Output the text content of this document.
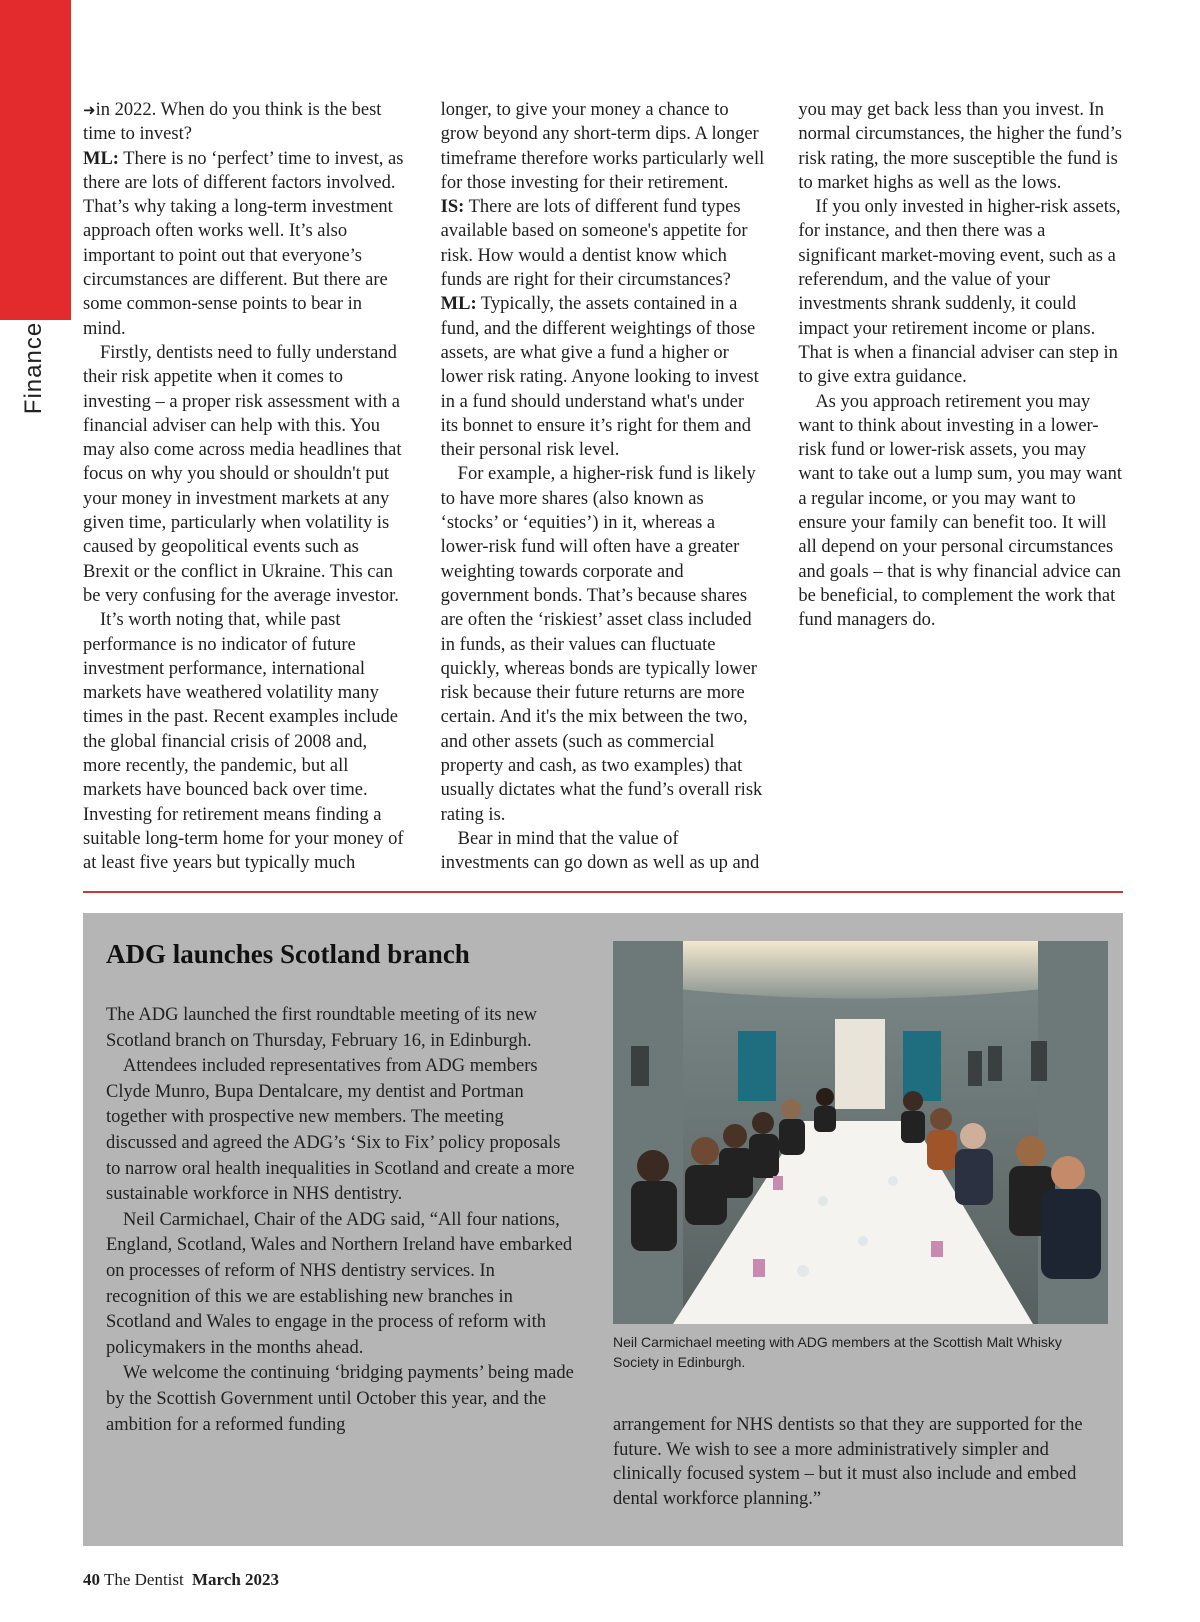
Finance

➜in 2022. When do you think is the best time to invest?

ML: There is no ‘perfect’ time to invest, as there are lots of different factors involved. That’s why taking a long-term investment approach often works well. It’s also important to point out that everyone’s circumstances are different. But there are some common-sense points to bear in mind.

Firstly, dentists need to fully understand their risk appetite when it comes to investing – a proper risk assessment with a financial adviser can help with this. You may also come across media headlines that focus on why you should or shouldn't put your money in investment markets at any given time, particularly when volatility is caused by geopolitical events such as Brexit or the conflict in Ukraine. This can be very confusing for the average investor.

It’s worth noting that, while past performance is no indicator of future investment performance, international markets have weathered volatility many times in the past. Recent examples include the global financial crisis of 2008 and, more recently, the pandemic, but all markets have bounced back over time. Investing for retirement means finding a suitable long-term home for your money of at least five years but typically much longer, to give your money a chance to grow beyond any short-term dips. A longer timeframe therefore works particularly well for those investing for their retirement.

IS: There are lots of different fund types available based on someone's appetite for risk. How would a dentist know which funds are right for their circumstances?

ML: Typically, the assets contained in a fund, and the different weightings of those assets, are what give a fund a higher or lower risk rating. Anyone looking to invest in a fund should understand what's under its bonnet to ensure it’s right for them and their personal risk level.

For example, a higher-risk fund is likely to have more shares (also known as ‘stocks’ or ‘equities’) in it, whereas a lower-risk fund will often have a greater weighting towards corporate and government bonds. That’s because shares are often the ‘riskiest’ asset class included in funds, as their values can fluctuate quickly, whereas bonds are typically lower risk because their future returns are more certain. And it's the mix between the two, and other assets (such as commercial property and cash, as two examples) that usually dictates what the fund’s overall risk rating is.

Bear in mind that the value of investments can go down as well as up and you may get back less than you invest. In normal circumstances, the higher the fund’s risk rating, the more susceptible the fund is to market highs as well as the lows.

If you only invested in higher-risk assets, for instance, and then there was a significant market-moving event, such as a referendum, and the value of your investments shrank suddenly, it could impact your retirement income or plans. That is when a financial adviser can step in to give extra guidance.

As you approach retirement you may want to think about investing in a lower-risk fund or lower-risk assets, you may want to take out a lump sum, you may want a regular income, or you may want to ensure your family can benefit too. It will all depend on your personal circumstances and goals – that is why financial advice can be beneficial, to complement the work that fund managers do.

ADG launches Scotland branch

The ADG launched the first roundtable meeting of its new Scotland branch on Thursday, February 16, in Edinburgh.

Attendees included representatives from ADG members Clyde Munro, Bupa Dentalcare, my dentist and Portman together with prospective new members. The meeting discussed and agreed the ADG’s ‘Six to Fix’ policy proposals to narrow oral health inequalities in Scotland and create a more sustainable workforce in NHS dentistry.

Neil Carmichael, Chair of the ADG said, “All four nations, England, Scotland, Wales and Northern Ireland have embarked on processes of reform of NHS dentistry services. In recognition of this we are establishing new branches in Scotland and Wales to engage in the process of reform with policymakers in the months ahead.

We welcome the continuing ‘bridging payments’ being made by the Scottish Government until October this year, and the ambition for a reformed funding

Neil Carmichael meeting with ADG members at the Scottish Malt Whisky Society in Edinburgh.

arrangement for NHS dentists so that they are supported for the future. We wish to see a more administratively simpler and clinically focused system – but it must also include and embed dental workforce planning.”

40 The Dentist March 2023
